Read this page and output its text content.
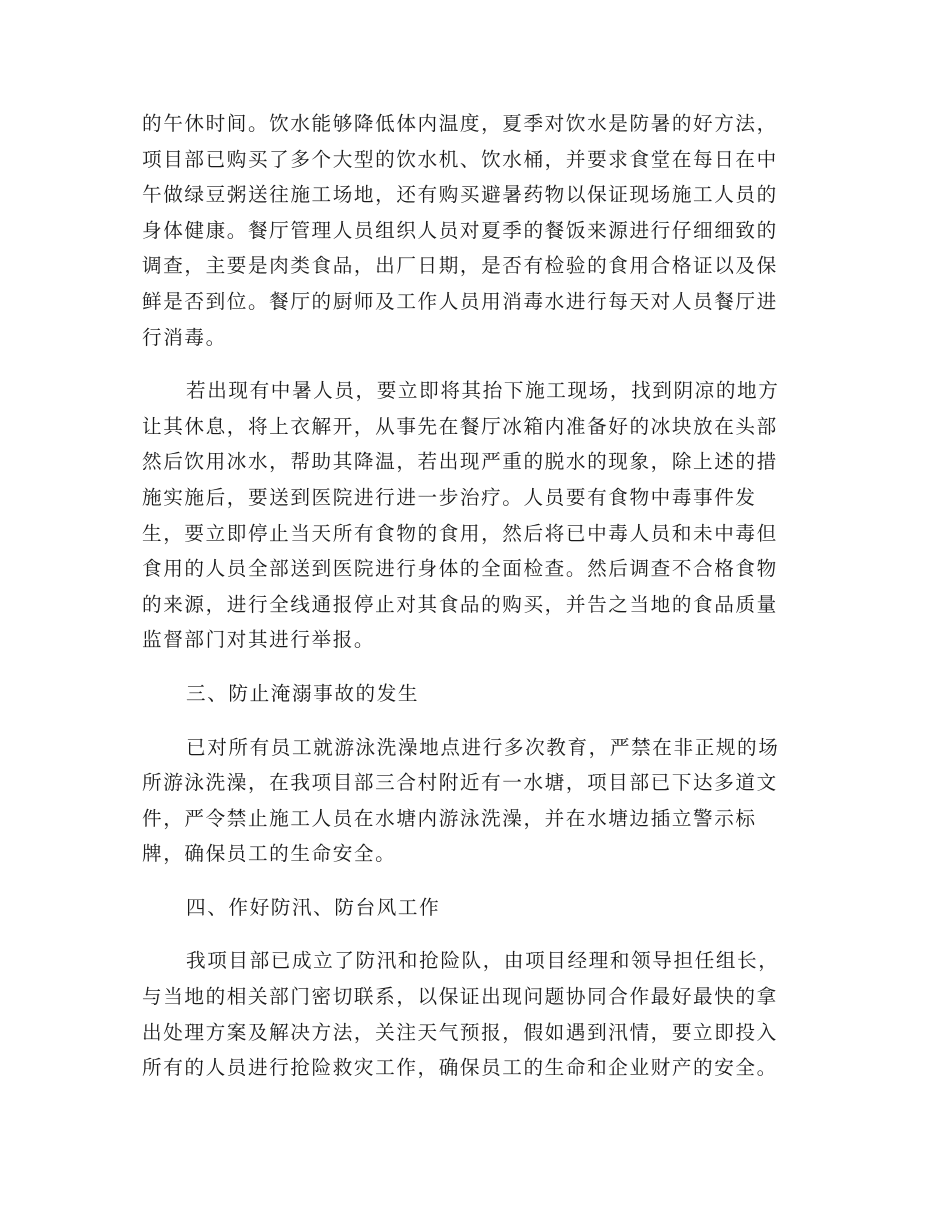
的午休时间。饮水能够降低体内温度，夏季对饮水是防暑的好方法，
项目部已购买了多个大型的饮水机、饮水桶，并要求食堂在每日在中
午做绿豆粥送往施工场地，还有购买避暑药物以保证现场施工人员的
身体健康。餐厅管理人员组织人员对夏季的餐饭来源进行仔细细致的
调查，主要是肉类食品，出厂日期，是否有检验的食用合格证以及保
鲜是否到位。餐厅的厨师及工作人员用消毒水进行每天对人员餐厅进
行消毒。
若出现有中暑人员，要立即将其抬下施工现场，找到阴凉的地方
让其休息，将上衣解开，从事先在餐厅冰箱内准备好的冰块放在头部
然后饮用冰水，帮助其降温，若出现严重的脱水的现象，除上述的措
施实施后，要送到医院进行进一步治疗。人员要有食物中毒事件发
生，要立即停止当天所有食物的食用，然后将已中毒人员和未中毒但
食用的人员全部送到医院进行身体的全面检查。然后调查不合格食物
的来源，进行全线通报停止对其食品的购买，并告之当地的食品质量
监督部门对其进行举报。
三、防止淹溺事故的发生
已对所有员工就游泳洗澡地点进行多次教育，严禁在非正规的场
所游泳洗澡，在我项目部三合村附近有一水塘，项目部已下达多道文
件，严令禁止施工人员在水塘内游泳洗澡，并在水塘边插立警示标
牌，确保员工的生命安全。
四、作好防汛、防台风工作
我项目部已成立了防汛和抢险队，由项目经理和领导担任组长，
与当地的相关部门密切联系，以保证出现问题协同合作最好最快的拿
出处理方案及解决方法，关注天气预报，假如遇到汛情，要立即投入
所有的人员进行抢险救灾工作，确保员工的生命和企业财产的安全。
